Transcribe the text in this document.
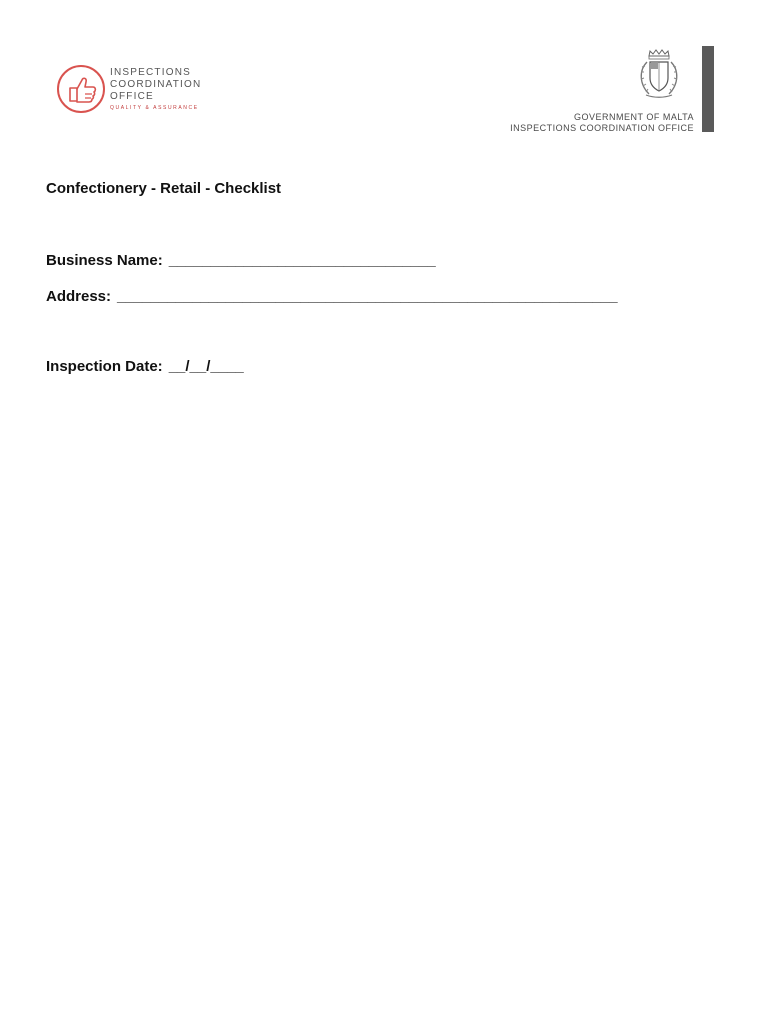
INSPECTIONS
COORDINATION
OFFICE
QUALITY & ASSURANCE
GOVERNMENT OF MALTA
INSPECTIONS COORDINATION OFFICE
Confectionery - Retail - Checklist
Business Name: ________________________________
Address: ____________________________________________________________
Inspection Date: __/__/____
